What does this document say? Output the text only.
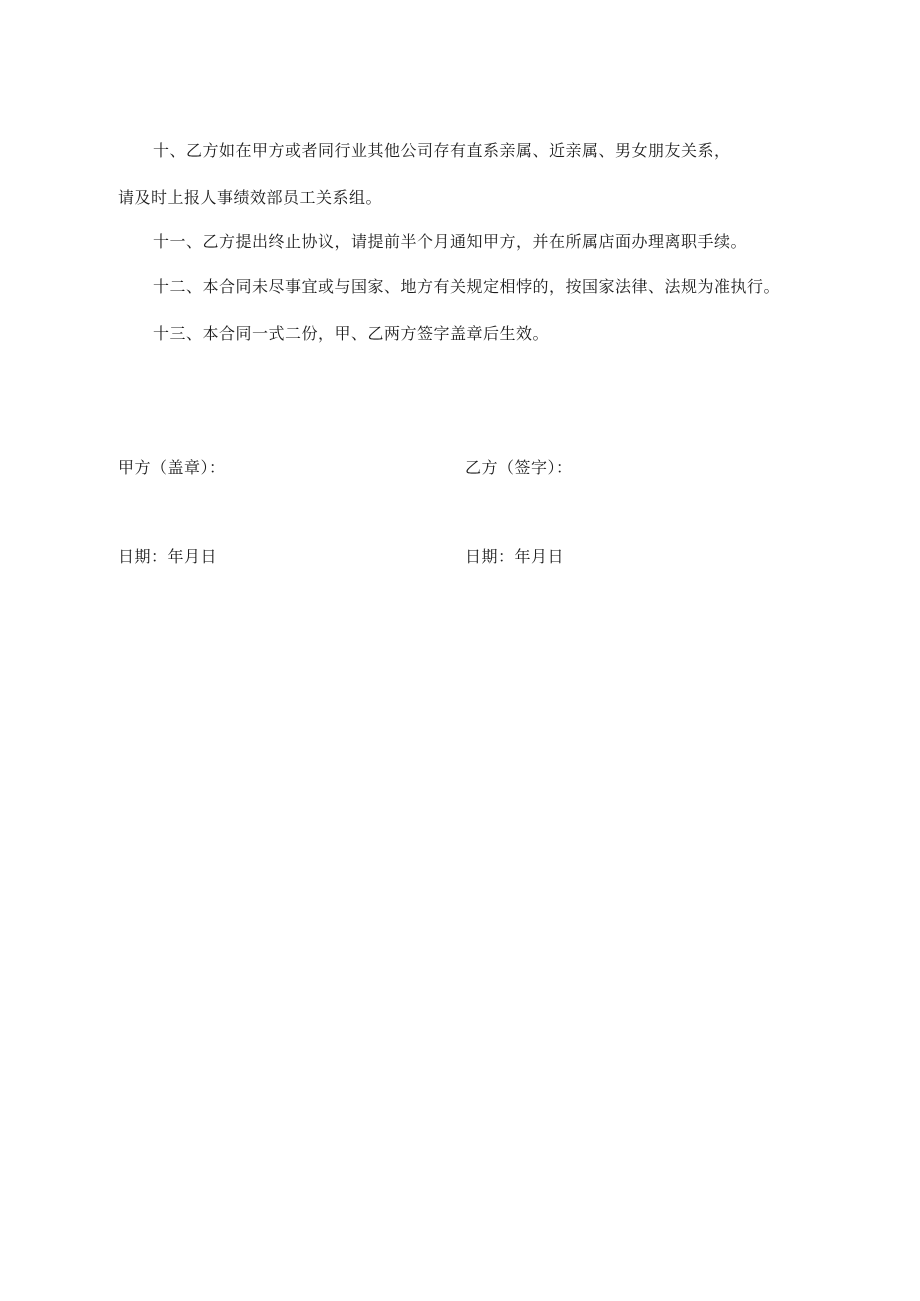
十、乙方如在甲方或者同行业其他公司存有直系亲属、近亲属、男女朋友关系，
请及时上报人事绩效部员工关系组。
十一、乙方提出终止协议，请提前半个月通知甲方，并在所属店面办理离职手续。
十二、本合同未尽事宜或与国家、地方有关规定相悖的，按国家法律、法规为准执行。
十三、本合同一式二份，甲、乙两方签字盖章后生效。
甲方（盖章）：	乙方（签字）：
日期：年月日	日期：年月日
